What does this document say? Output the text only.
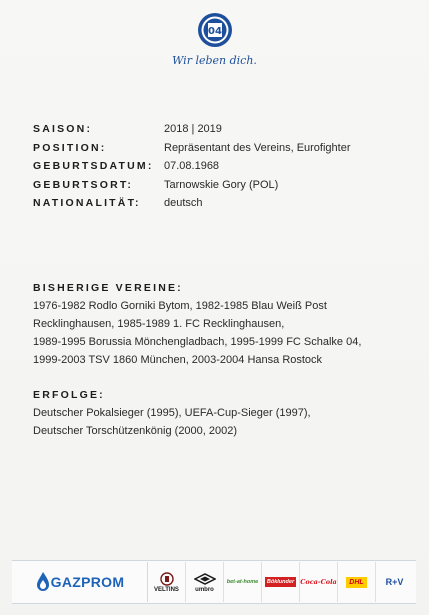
04
Wir leben dich.
SAISON:	2018 | 2019
POSITION:	Repräsentant des Vereins, Eurofighter
GEBURTSDATUM: 07.08.1968
GEBURTSORT:	Tarnowskie Gory (POL)
NATIONALITÄT:	deutsch
BISHERIGE VEREINE:
1976-1982 Rodlo Gorniki Bytom, 1982-1985 Blau Weiß Post
Recklinghausen, 1985-1989 1. FC Recklinghausen,
1989-1995 Borussia Mönchengladbach, 1995-1999 FC Schalke 04,
1999-2003 TSV 1860 München, 2003-2004 Hansa Rostock
ERFOLGE:
Deutscher Pokalsieger (1995), UEFA-Cup-Sieger (1997),
Deutscher Torschützenkönig (2000, 2002)
GAZPROM	VELTINS	umbro
bet-at-home	Böklunder Coca-Cola	DHL	R+V
